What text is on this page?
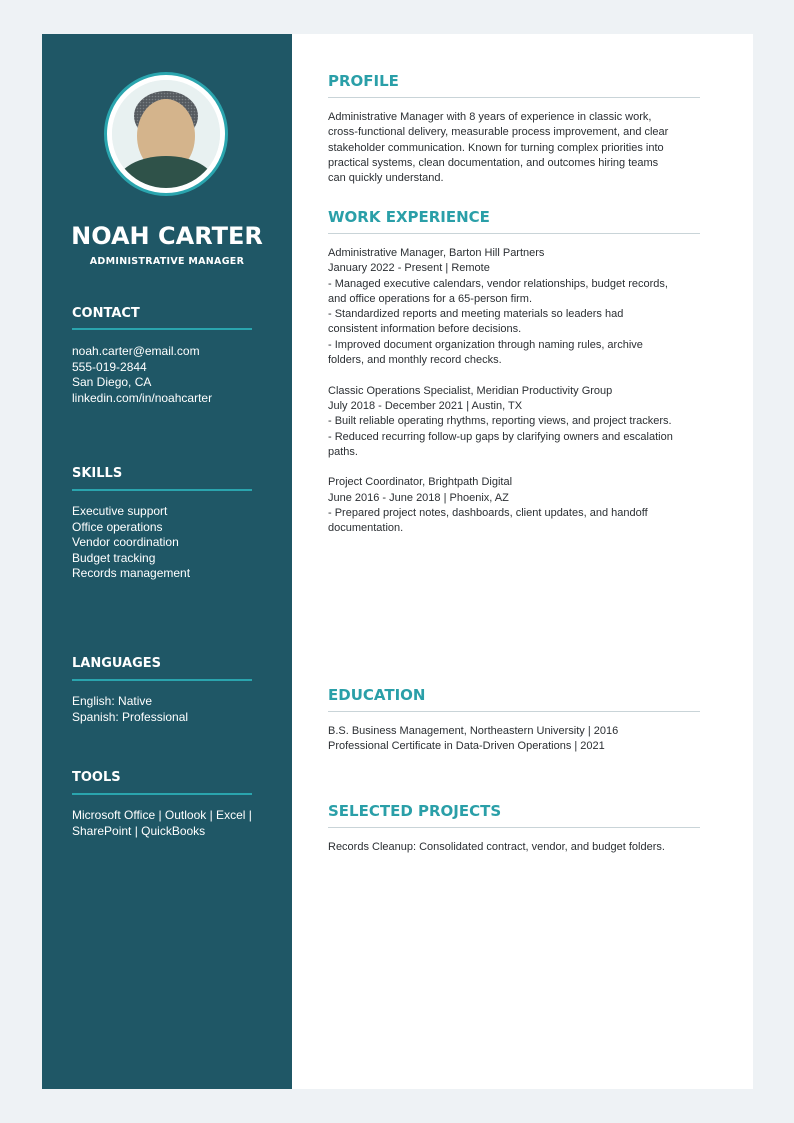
NOAH CARTER
ADMINISTRATIVE MANAGER
CONTACT
noah.carter@email.com
555-019-2844
San Diego, CA
linkedin.com/in/noahcarter
SKILLS
Executive support
Office operations
Vendor coordination
Budget tracking
Records management
LANGUAGES
English: Native
Spanish: Professional
TOOLS
Microsoft Office | Outlook | Excel |
SharePoint | QuickBooks
PROFILE
Administrative Manager with 8 years of experience in classic work,
cross-functional delivery, measurable process improvement, and clear
stakeholder communication. Known for turning complex priorities into
practical systems, clean documentation, and outcomes hiring teams
can quickly understand.
WORK EXPERIENCE
Administrative Manager, Barton Hill Partners
January 2022 - Present | Remote
- Managed executive calendars, vendor relationships, budget records,
and office operations for a 65-person firm.
- Standardized reports and meeting materials so leaders had
consistent information before decisions.
- Improved document organization through naming rules, archive
folders, and monthly record checks.
Classic Operations Specialist, Meridian Productivity Group
July 2018 - December 2021 | Austin, TX
- Built reliable operating rhythms, reporting views, and project trackers.
- Reduced recurring follow-up gaps by clarifying owners and escalation
paths.
Project Coordinator, Brightpath Digital
June 2016 - June 2018 | Phoenix, AZ
- Prepared project notes, dashboards, client updates, and handoff
documentation.
EDUCATION
B.S. Business Management, Northeastern University | 2016
Professional Certificate in Data-Driven Operations | 2021
SELECTED PROJECTS
Records Cleanup: Consolidated contract, vendor, and budget folders.
